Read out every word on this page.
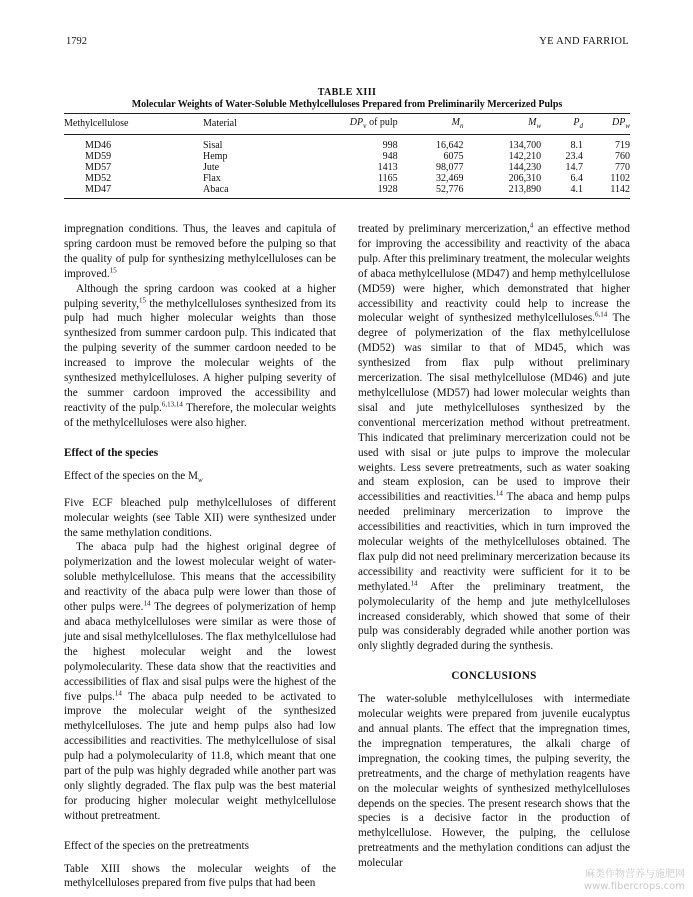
1792	YE AND FARRIOL
TABLE XIII
Molecular Weights of Water-Soluble Methylcelluloses Prepared from Preliminarily Mercerized Pulps
Methylcellulose	Material	$DP_v$ of pulp	$M_n$	$M_w$	$P_d$	$DP_w$
MD46	Sisal	998	16,642	134,700	8.1	719
MD59	Hemp	948	6075	142,210	23.4	760
MD57	Jute	1413	98,077	144,230	14.7	770
MD52	Flax	1165	32,469	206,310	6.4	1102
MD47	Abaca	1928	52,776	213,890	4.1	1142

impregnation conditions. Thus, the leaves and capitula of spring cardoon must be removed before the pulping so that the quality of pulp for synthesizing methylcelluloses can be improved.$^{15}$

Although the spring cardoon was cooked at a higher pulping severity,$^{15}$ the methylcelluloses synthesized from its pulp had much higher molecular weights than those synthesized from summer cardoon pulp. This indicated that the pulping severity of the summer cardoon needed to be increased to improve the molecular weights of the synthesized methylcelluloses. A higher pulping severity of the summer cardoon improved the accessibility and reactivity of the pulp.$^{6,13,14}$ Therefore, the molecular weights of the methylcelluloses were also higher.

Effect of the species
Effect of the species on the $M_w$

Five ECF bleached pulp methylcelluloses of different molecular weights (see Table XII) were synthesized under the same methylation conditions.

The abaca pulp had the highest original degree of polymerization and the lowest molecular weight of water-soluble methylcellulose. This means that the accessibility and reactivity of the abaca pulp were lower than those of other pulps were.$^{14}$ The degrees of polymerization of hemp and abaca methylcelluloses were similar as were those of jute and sisal methylcelluloses. The flax methylcellulose had the highest molecular weight and the lowest polymolecularity. These data show that the reactivities and accessibilities of flax and sisal pulps were the highest of the five pulps.$^{14}$ The abaca pulp needed to be activated to improve the molecular weight of the synthesized methylcelluloses. The jute and hemp pulps also had low accessibilities and reactivities. The methylcellulose of sisal pulp had a polymolecularity of 11.8, which meant that one part of the pulp was highly degraded while another part was only slightly degraded. The flax pulp was the best material for producing higher molecular weight methylcellulose without pretreatment.

Effect of the species on the pretreatments

Table XIII shows the molecular weights of the methylcelluloses prepared from five pulps that had been

treated by preliminary mercerization,$^4$ an effective method for improving the accessibility and reactivity of the abaca pulp. After this preliminary treatment, the molecular weights of abaca methylcellulose (MD47) and hemp methylcellulose (MD59) were higher, which demonstrated that higher accessibility and reactivity could help to increase the molecular weight of synthesized methylcelluloses.$^{6,14}$ The degree of polymerization of the flax methylcellulose (MD52) was similar to that of MD45, which was synthesized from flax pulp without preliminary mercerization. The sisal methylcellulose (MD46) and jute methylcellulose (MD57) had lower molecular weights than sisal and jute methylcelluloses synthesized by the conventional mercerization method without pretreatment. This indicated that preliminary mercerization could not be used with sisal or jute pulps to improve the molecular weights. Less severe pretreatments, such as water soaking and steam explosion, can be used to improve their accessibilities and reactivities.$^{14}$ The abaca and hemp pulps needed preliminary mercerization to improve the accessibilities and reactivities, which in turn improved the molecular weights of the methylcelluloses obtained. The flax pulp did not need preliminary mercerization because its accessibility and reactivity were sufficient for it to be methylated.$^{14}$ After the preliminary treatment, the polymolecularity of the hemp and jute methylcelluloses increased considerably, which showed that some of their pulp was considerably degraded while another portion was only slightly degraded during the synthesis.

CONCLUSIONS

The water-soluble methylcelluloses with intermediate molecular weights were prepared from juvenile eucalyptus and annual plants. The effect that the impregnation times, the impregnation temperatures, the alkali charge of impregnation, the cooking times, the pulping severity, the pretreatments, and the charge of methylation reagents have on the molecular weights of synthesized methylcelluloses depends on the species. The present research shows that the species is a decisive factor in the production of methylcellulose. However, the pulping, the cellulose pretreatments and the methylation conditions can adjust the molecular

麻类作物营养与施肥网
www.fibercrops.com
